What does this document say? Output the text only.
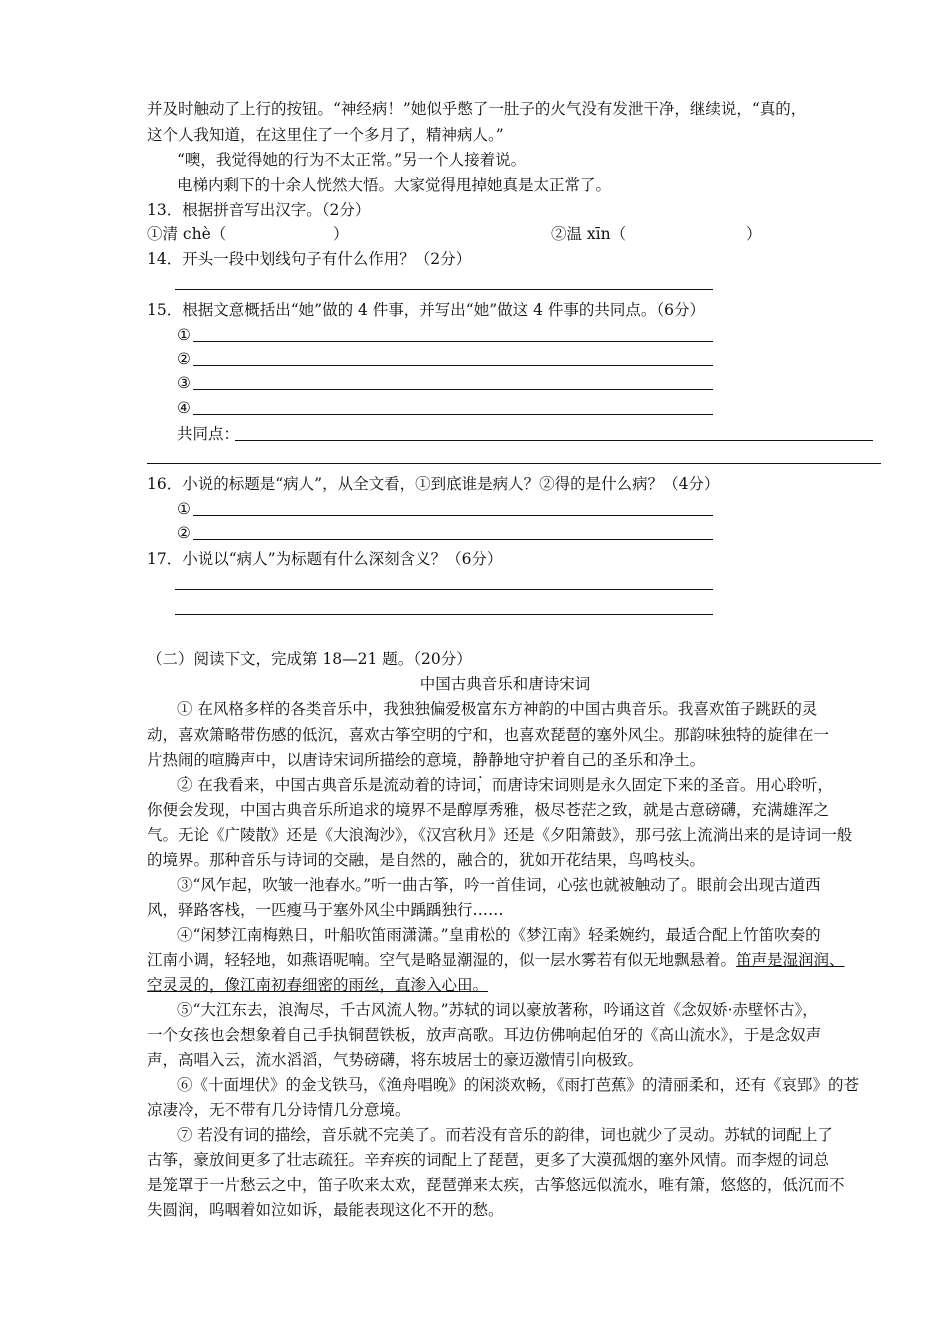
并及时触动了上行的按钮。“神经病！”她似乎憋了一肚子的火气没有发泄干净，继续说，“真的，
这个人我知道，在这里住了一个多月了，精神病人。”
“噢，我觉得她的行为不太正常。”另一个人接着说。
电梯内剩下的十余人恍然大悟。大家觉得甩掉她真是太正常了。
13．根据拼音写出汉字。（2分）
①清 chè（	）	②温 xīn（	）
14．开头一段中划线句子有什么作用？（2分）
15．根据文意概括出“她”做的 4 件事，并写出“她”做这 4 件事的共同点。（6分）
①
②
③
④
共同点：
16．小说的标题是“病人”，从全文看，①到底谁是病人？②得的是什么病？（4分）
①
②
17．小说以“病人”为标题有什么深刻含义？（6分）
（二）阅读下文，完成第 18—21 题。（20分）
中国古典音乐和唐诗宋词
① 在风格多样的各类音乐中，我独独偏爱极富东方神韵的中国古典音乐。我喜欢笛子跳跃的灵
动，喜欢箫略带伤感的低沉，喜欢古筝空明的宁和，也喜欢琵琶的塞外风尘。那韵味独特的旋律在一
片热闹的喧腾声中，以唐诗宋词所描绘的意境，静静地守护着自己的圣乐和净土。
② 在我看来，中国古典音乐是流动着的诗词，而唐诗宋词则是永久固定下来的圣音。用心聆听，
你便会发现，中国古典音乐所追求的境界不是醇厚秀雅，极尽苍茫之致，就是古意磅礴，充满雄浑之
气。无论《广陵散》还是《大浪淘沙》，《汉宫秋月》还是《夕阳箫鼓》，那弓弦上流淌出来的是诗词一般
的境界。那种音乐与诗词的交融，是自然的，融合的，犹如开花结果，鸟鸣枝头。
③“风乍起，吹皱一池春水。”听一曲古筝，吟一首佳词，心弦也就被触动了。眼前会出现古道西
风，驿路客栈，一匹瘦马于塞外风尘中踽踽独行……
④“闲梦江南梅熟日，叶船吹笛雨潇潇。”皇甫松的《梦江南》轻柔婉约，最适合配上竹笛吹奏的
江南小调，轻轻地，如燕语呢喃。空气是略显潮湿的，似一层水雾若有似无地飘悬着。笛声是湿润润、
空灵灵的，像江南初春细密的雨丝，直渗入心田。
⑤“大江东去，浪淘尽，千古风流人物。”苏轼的词以豪放著称，吟诵这首《念奴娇·赤壁怀古》，
一个女孩也会想象着自己手执铜琶铁板，放声高歌。耳边仿佛响起伯牙的《高山流水》，于是念奴声
声，高唱入云，流水滔滔，气势磅礴，将东坡居士的豪迈激情引向极致。
⑥《十面埋伏》的金戈铁马，《渔舟唱晚》的闲淡欢畅，《雨打芭蕉》的清丽柔和，还有《哀郢》的苍
凉凄冷，无不带有几分诗情几分意境。
⑦ 若没有词的描绘，音乐就不完美了。而若没有音乐的韵律，词也就少了灵动。苏轼的词配上了
古筝，豪放间更多了壮志疏狂。辛弃疾的词配上了琵琶，更多了大漠孤烟的塞外风情。而李煜的词总
是笼罩于一片愁云之中，笛子吹来太欢，琵琶弹来太疾，古筝悠远似流水，唯有箫，悠悠的，低沉而不
失圆润，呜咽着如泣如诉，最能表现这化不开的愁。
